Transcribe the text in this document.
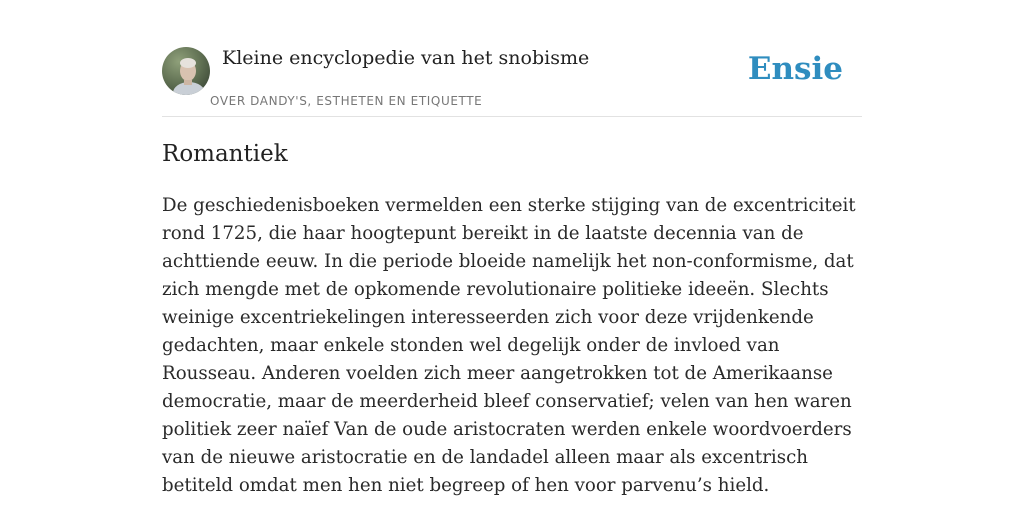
Kleine encyclopedie van het snobisme
OVER DANDY'S, ESTHETEN EN ETIQUETTE
Ensie
Romantiek

De geschiedenisboeken vermelden een sterke stijging van de excentriciteit rond 1725, die haar hoogtepunt bereikt in de laatste decennia van de achttiende eeuw. In die periode bloeide namelijk het non-conformisme, dat zich mengde met de opkomende revolutionaire politieke ideeën. Slechts weinige excentriekelingen interesseerden zich voor deze vrijdenkende gedachten, maar enkele stonden wel degelijk onder de invloed van Rousseau. Anderen voelden zich meer aangetrokken tot de Amerikaanse democratie, maar de meerderheid bleef conservatief; velen van hen waren politiek zeer naïef Van de oude aristocraten werden enkele woordvoerders van de nieuwe aristocratie en de landadel alleen maar als excentrisch betiteld omdat men hen niet begreep of hen voor parvenu’s hield.
